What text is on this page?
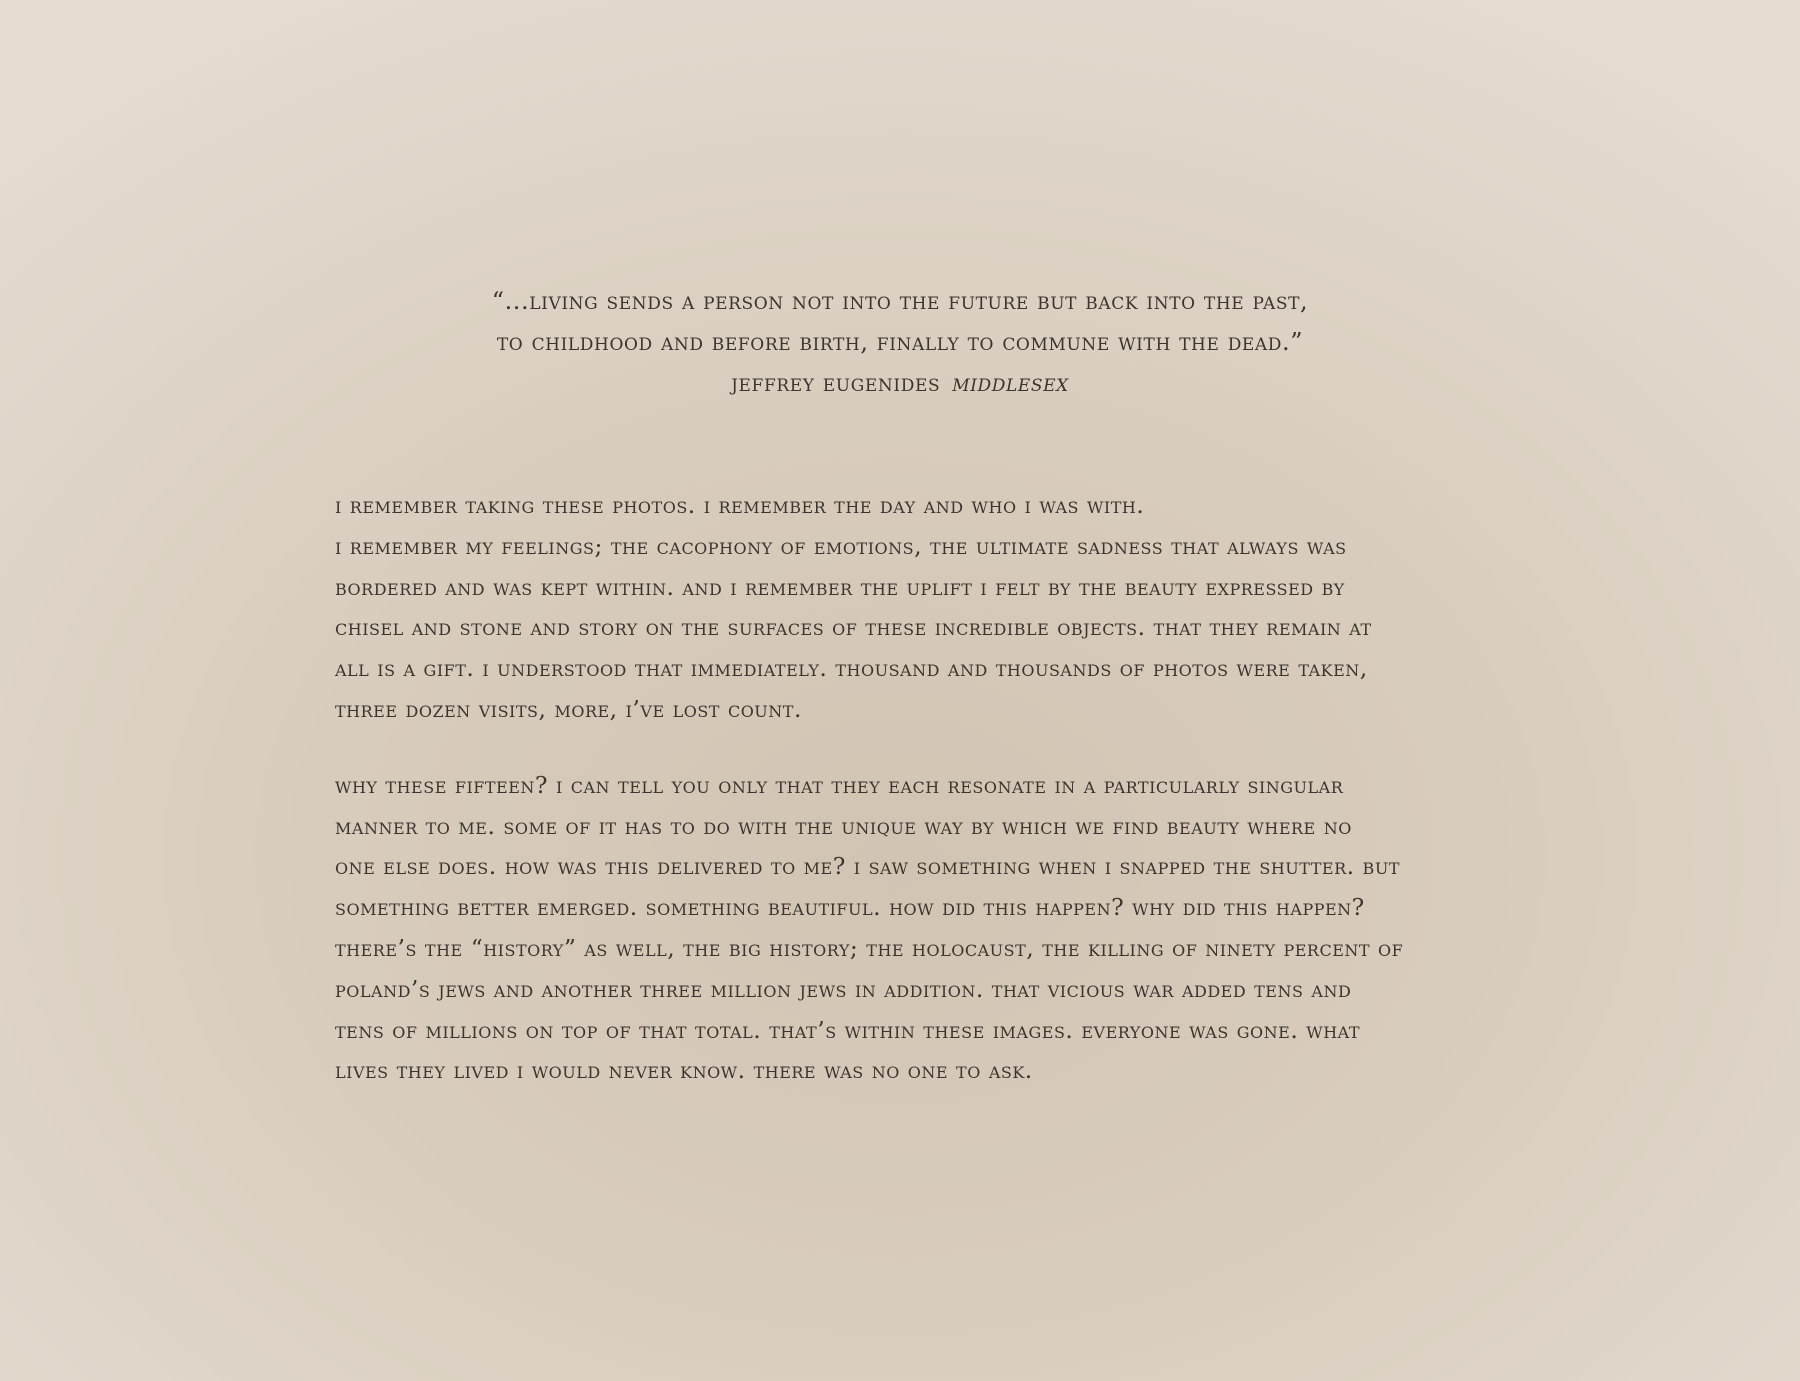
“...living sends a person not into the future but back into the past,
to childhood and before birth, finally to commune with the dead.”
jeffrey eugenides middlesex
i remember taking these photos. i remember the day and who i was with.
i remember my feelings; the cacophony of emotions, the ultimate sadness that always was
bordered and was kept within. and i remember the uplift i felt by the beauty expressed by
chisel and stone and story on the surfaces of these incredible objects. that they remain at
all is a gift. i understood that immediately. thousand and thousands of photos were taken,
three dozen visits, more, i’ve lost count.
why these fifteen? i can tell you only that they each resonate in a particularly singular
manner to me. some of it has to do with the unique way by which we find beauty where no
one else does. how was this delivered to me? i saw something when i snapped the shutter. but
something better emerged. something beautiful. how did this happen? why did this happen?
there’s the “history” as well, the big history; the holocaust, the killing of ninety percent of
poland’s jews and another three million jews in addition. that vicious war added tens and
tens of millions on top of that total. that’s within these images. everyone was gone. what
lives they lived i would never know. there was no one to ask.
